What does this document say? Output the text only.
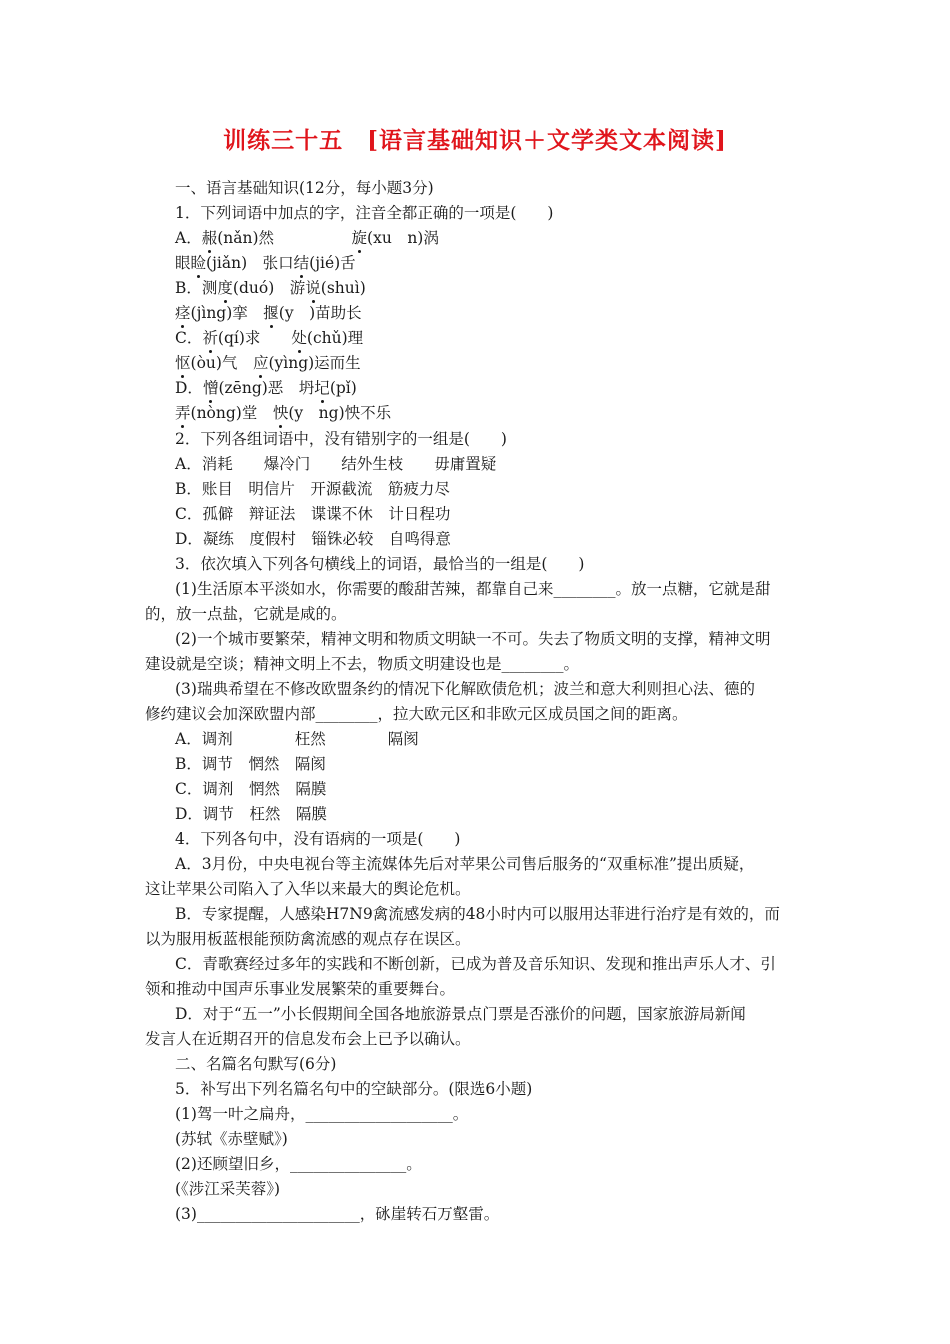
训练三十五　[语言基础知识＋文学类文本阅读]
一、语言基础知识(12分，每小题3分)
1．下列词语中加点的字，注音全都正确的一项是(　　)
A．赧(nǎn)然　　　　　旋(xu　n)涡
眼睑(jiǎn)　张口结(jié)舌
B．测度(duó)　游说(shuì)
痉(jìng)挛　揠(y　)苗助长
C．祈(qí)求　　处(chǔ)理
怄(òu)气　应(yìng)运而生
D．憎(zēng)恶　坍圮(pǐ)
弄(nòng)堂　怏(y　ng)怏不乐
2．下列各组词语中，没有错别字的一组是(　　)
A．消耗　　爆冷门　　结外生枝　　毋庸置疑
B．账目　明信片　开源截流　筋疲力尽
C．孤僻　辩证法　谍谍不休　计日程功
D．凝练　度假村　锱铢必较　自鸣得意
3．依次填入下列各句横线上的词语，最恰当的一组是(　　)
(1)生活原本平淡如水，你需要的酸甜苦辣，都靠自己来________。放一点糖，它就是甜
的，放一点盐，它就是咸的。
(2)一个城市要繁荣，精神文明和物质文明缺一不可。失去了物质文明的支撑，精神文明
建设就是空谈；精神文明上不去，物质文明建设也是________。
(3)瑞典希望在不修改欧盟条约的情况下化解欧债危机；波兰和意大利则担心法、德的
修约建议会加深欧盟内部________，拉大欧元区和非欧元区成员国之间的距离。
A．调剂　　　　枉然　　　　隔阂
B．调节　惘然　隔阂
C．调剂　惘然　隔膜
D．调节　枉然　隔膜
4．下列各句中，没有语病的一项是(　　)
A．3月份，中央电视台等主流媒体先后对苹果公司售后服务的“双重标准”提出质疑，
这让苹果公司陷入了入华以来最大的舆论危机。
B．专家提醒，人感染H7N9禽流感发病的48小时内可以服用达菲进行治疗是有效的，而
以为服用板蓝根能预防禽流感的观点存在误区。
C．青歌赛经过多年的实践和不断创新，已成为普及音乐知识、发现和推出声乐人才、引
领和推动中国声乐事业发展繁荣的重要舞台。
D．对于“五一”小长假期间全国各地旅游景点门票是否涨价的问题，国家旅游局新闻
发言人在近期召开的信息发布会上已予以确认。
二、名篇名句默写(6分)
5．补写出下列名篇名句中的空缺部分。(限选6小题)
(1)驾一叶之扁舟，___________________。
(苏轼《赤壁赋》)
(2)还顾望旧乡，_______________。
(《涉江采芙蓉》)
(3)_____________________，砯崖转石万壑雷。
